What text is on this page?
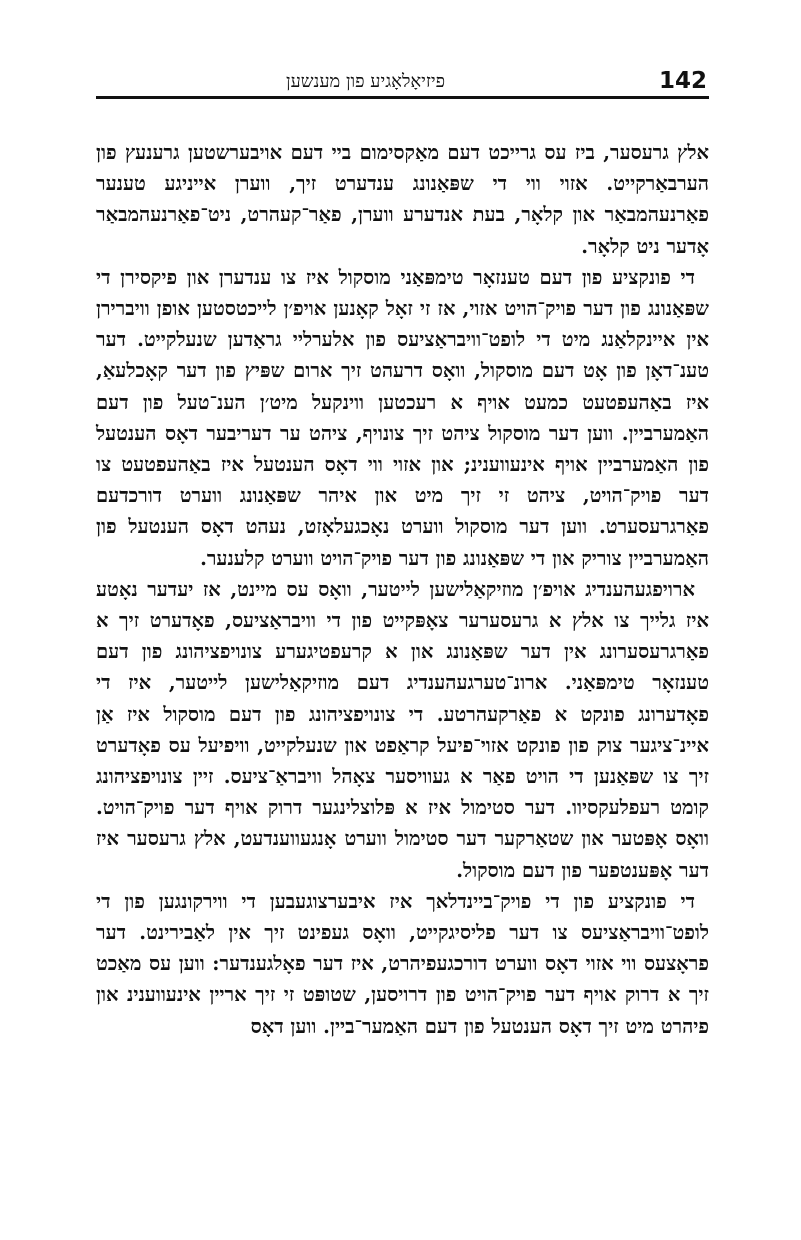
142
פיזיאָלאָגיע פון מענשען

אלץ גרעסער, ביז עס גרייכט דעם מאַקסימום ביי דעם אויבערשטען גרענעץ פון הערבאַרקייט. אזוי ווי די שפּאַנונג ענדערט זיך, ווערן אייניגע טענער פאַרנעהמבאַר און קלאָר, בעת אנדערע ווערן, פאַר־קעהרט, ניט־פאַרנעהמבאַר אָדער ניט קלאָר.

די פונקציע פון דעם טענזאָר טימפּאַני מוסקול איז צו ענדערן און פיקסירן די שפּאַנונג פון דער פויק־הויט אזוי, אז זי זאָל קאָנען אויפ׳ן לייכטסטען אופן וויברירן אין איינקלאַנג מיט די לופט־וויבראַציעס פון אלערליי גראַדען שנעלקייט. דער טענ־דאָן פון אָט דעם מוסקול, וואָס דרעהט זיך ארום שפּיץ פון דער קאָכלעאַ, איז באַהעפטעט כמעט אויף א רעכטען ווינקעל מיט׳ן הענ־טעל פון דעם האַמערביין. ווען דער מוסקול ציהט זיך צונויף, ציהט ער דעריבער דאָס הענטעל פון האַמערביין אויף אינעווענינ; און אזוי ווי דאָס הענטעל איז באַהעפטעט צו דער פויק־הויט, ציהט זי זיך מיט און איהר שפּאַנונג ווערט דורכדעם פאַרגרעסערט. ווען דער מוסקול ווערט נאָכגעלאָזט, נעהט דאָס הענטעל פון האַמערביין צוריק און די שפּאַנונג פון דער פויק־הויט ווערט קלענער.

ארויפגעהענדיג אויפ׳ן מוזיקאַלישען לייטער, וואָס עס מיינט, אז יעדער נאָטע איז גלייך צו אלץ א גרעסערער צאָפּקייט פון די וויבראַציעס, פאָדערט זיך א פאַרגרעסערונג אין דער שפּאַנונג און א קרעפטיגערע צונויפציהונג פון דעם טענזאָר טימפּאַני. ארונ־טערגעהענדיג דעם מוזיקאַלישען לייטער, איז די פאָדערונג פונקט א פאַרקעהרטע. די צונויפציהונג פון דעם מוסקול איז אַן איינ־ציגער צוק פון פונקט אזוי־פיעל קראַפט און שנעלקייט, וויפיעל עס פאָדערט זיך צו שפּאַנען די הויט פאַר א געוויסער צאָהל וויבראַ־ציעס. זיין צונויפציהונג קומט רעפלעקסיוו. דער סטימול איז א פּלוצלינגער דרוק אויף דער פויק־הויט. וואָס אָפּטער און שטאַרקער דער סטימול ווערט אָנגעווענדעט, אלץ גרעסער איז דער אָפּענטפער פון דעם מוסקול.

די פונקציע פון די פויק־ביינדלאך איז איבערצוגעבען די ווירקונגען פון די לופט־וויבראַציעס צו דער פליסיגקייט, וואָס געפינט זיך אין לאַבירינט. דער פראָצעס ווי אזוי דאָס ווערט דורכגעפיהרט, איז דער פאָלגענדער: ווען עס מאַכט זיך א דרוק אויף דער פויק־הויט פון דרויסען, שטופּט זי זיך אריין אינעווענינ און פיהרט מיט זיך דאָס הענטעל פון דעם האַמער־ביין. ווען דאָס
